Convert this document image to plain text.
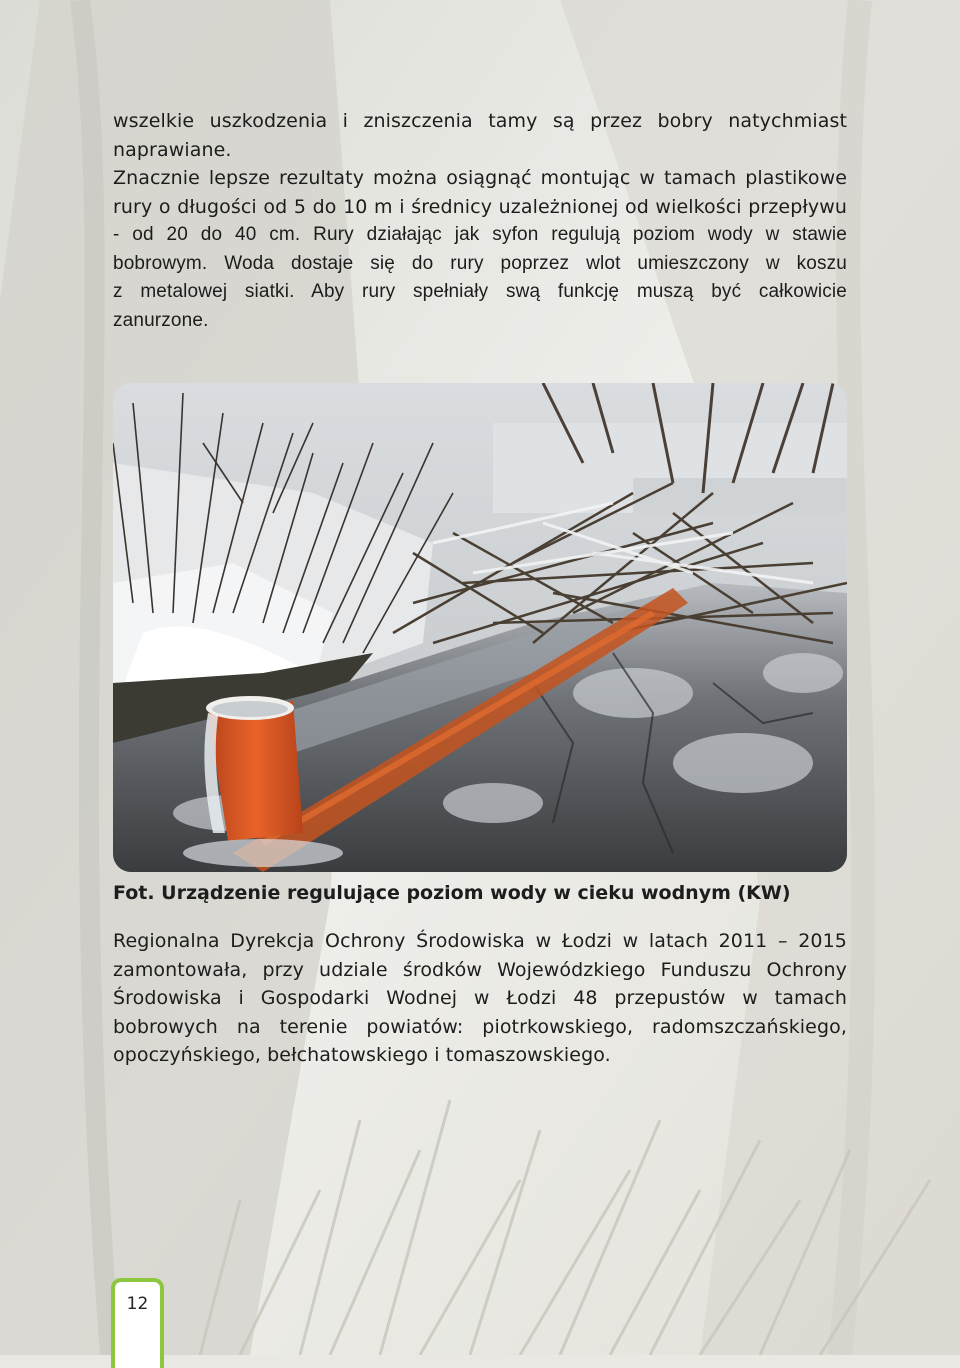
wszelkie uszkodzenia i zniszczenia tamy są przez bobry natychmiast
naprawiane.
Znacznie lepsze rezultaty można osiągnąć montując w tamach plastikowe
rury o długości od 5 do 10 m i średnicy uzależnionej od wielkości przepływu
- od 20 do 40 cm. Rury działając jak syfon regulują poziom wody w stawie
bobrowym. Woda dostaje się do rury poprzez wlot umieszczony w koszu
z metalowej siatki. Aby rury spełniały swą funkcję muszą być całkowicie
zanurzone.

Fot. Urządzenie regulujące poziom wody w cieku wodnym (KW)

Regionalna Dyrekcja Ochrony Środowiska w Łodzi w latach 2011 – 2015
zamontowała, przy udziale środków Wojewódzkiego Funduszu Ochrony
Środowiska i Gospodarki Wodnej w Łodzi 48 przepustów w tamach
bobrowych na terenie powiatów: piotrkowskiego, radomszczańskiego,
opoczyńskiego, bełchatowskiego i tomaszowskiego.
12
